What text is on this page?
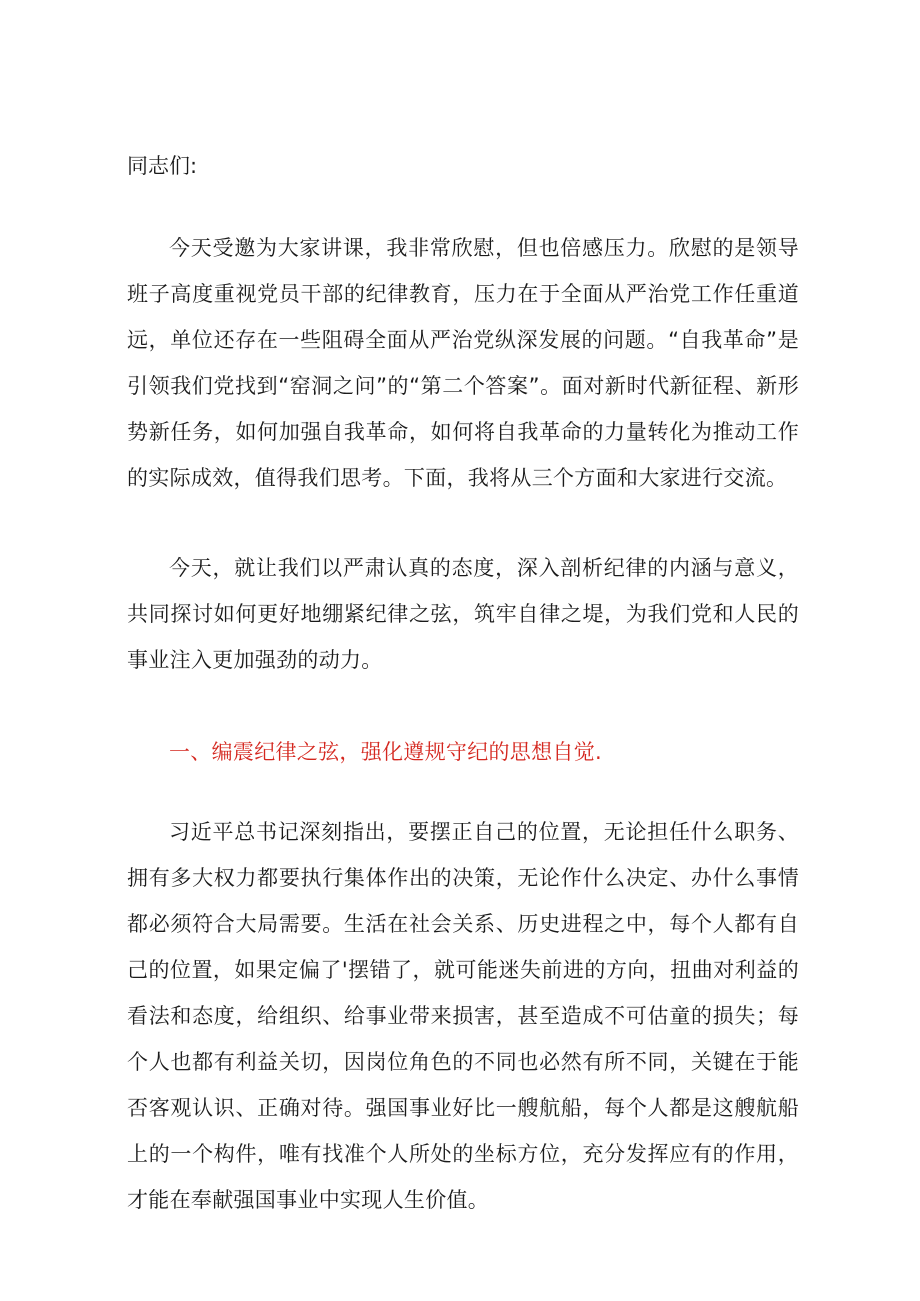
同志们:

今天受邀为大家讲课，我非常欣慰，但也倍感压力。欣慰的是领导班子高度重视党员干部的纪律教育，压力在于全面从严治党工作任重道远，单位还存在一些阻碍全面从严治党纵深发展的问题。“自我革命”是引领我们党找到“窑洞之问”的“第二个答案”。面对新时代新征程、新形势新任务，如何加强自我革命，如何将自我革命的力量转化为推动工作的实际成效，值得我们思考。下面，我将从三个方面和大家进行交流。

今天，就让我们以严肃认真的态度，深入剖析纪律的内涵与意义，共同探讨如何更好地绷紧纪律之弦，筑牢自律之堤，为我们党和人民的事业注入更加强劲的动力。

一、编震纪律之弦，强化遵规守纪的思想自觉.

习近平总书记深刻指出，要摆正自己的位置，无论担任什么职务、拥有多大权力都要执行集体作出的决策，无论作什么决定、办什么事情都必须符合大局需要。生活在社会关系、历史进程之中，每个人都有自己的位置，如果定偏了'摆错了，就可能迷失前进的方向，扭曲对利益的看法和态度，给组织、给事业带来损害，甚至造成不可估童的损失；每个人也都有利益关切，因岗位角色的不同也必然有所不同，关键在于能否客观认识、正确对待。强国事业好比一艘航船，每个人都是这艘航船上的一个构件，唯有找准个人所处的坐标方位，充分发挥应有的作用，才能在奉献强国事业中实现人生价值。
